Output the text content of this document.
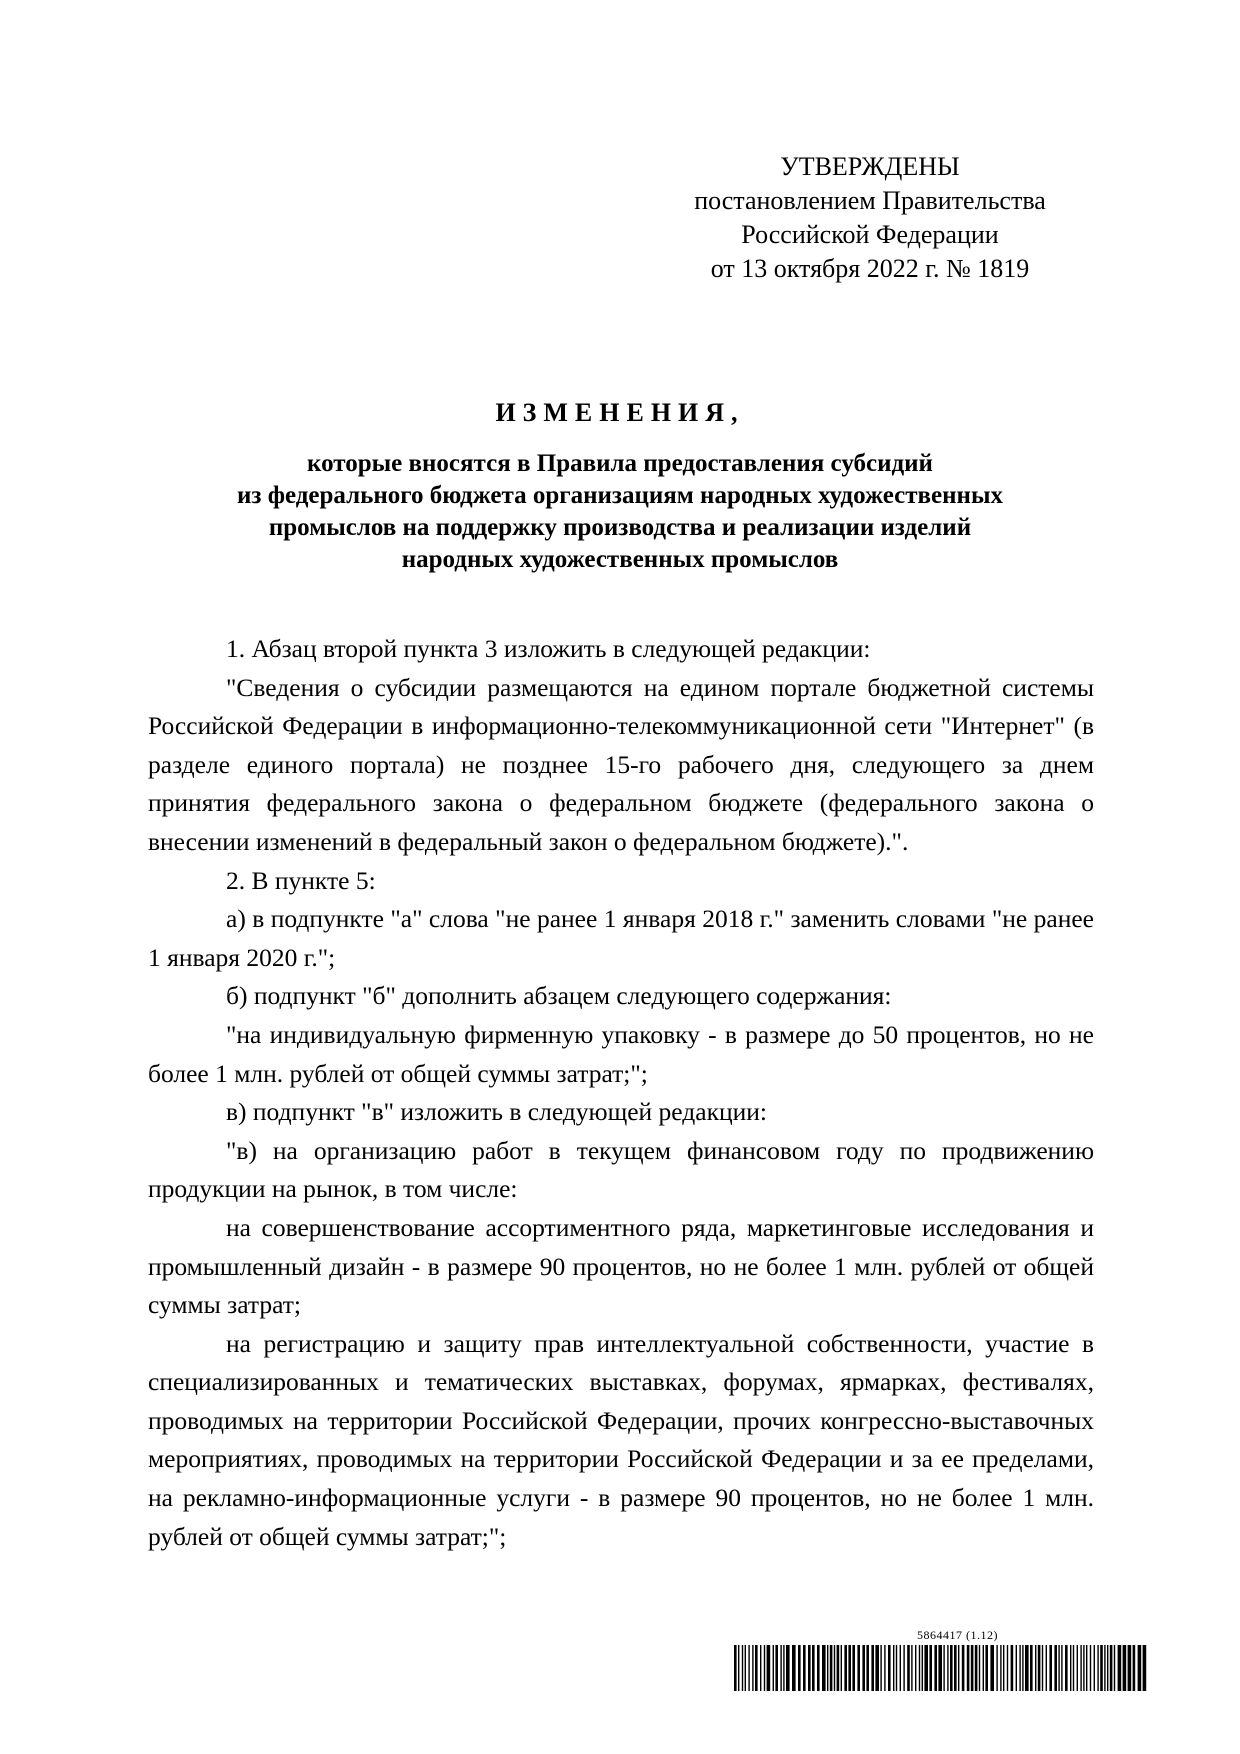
УТВЕРЖДЕНЫ
постановлением Правительства
Российской Федерации
от 13 октября 2022 г. № 1819
ИЗМЕНЕНИЯ,
которые вносятся в Правила предоставления субсидий
из федерального бюджета организациям народных художественных
промыслов на поддержку производства и реализации изделий
народных художественных промыслов

1. Абзац второй пункта 3 изложить в следующей редакции:

"Сведения о субсидии размещаются на едином портале бюджетной системы Российской Федерации в информационно-телекоммуникационной сети "Интернет" (в разделе единого портала) не позднее 15-го рабочего дня, следующего за днем принятия федерального закона о федеральном бюджете (федерального закона о внесении изменений в федеральный закон о федеральном бюджете).".

2. В пункте 5:

а) в подпункте "а" слова "не ранее 1 января 2018 г." заменить словами "не ранее 1 января 2020 г.";

б) подпункт "б" дополнить абзацем следующего содержания:

"на индивидуальную фирменную упаковку - в размере до 50 процентов, но не более 1 млн. рублей от общей суммы затрат;";

в) подпункт "в" изложить в следующей редакции:

"в) на организацию работ в текущем финансовом году по продвижению продукции на рынок, в том числе:

на совершенствование ассортиментного ряда, маркетинговые исследования и промышленный дизайн - в размере 90 процентов, но не более 1 млн. рублей от общей суммы затрат;

на регистрацию и защиту прав интеллектуальной собственности, участие в специализированных и тематических выставках, форумах, ярмарках, фестивалях, проводимых на территории Российской Федерации, прочих конгрессно-выставочных мероприятиях, проводимых на территории Российской Федерации и за ее пределами, на рекламно-информационные услуги - в размере 90 процентов, но не более 1 млн. рублей от общей суммы затрат;";

5864417 (1.12)
